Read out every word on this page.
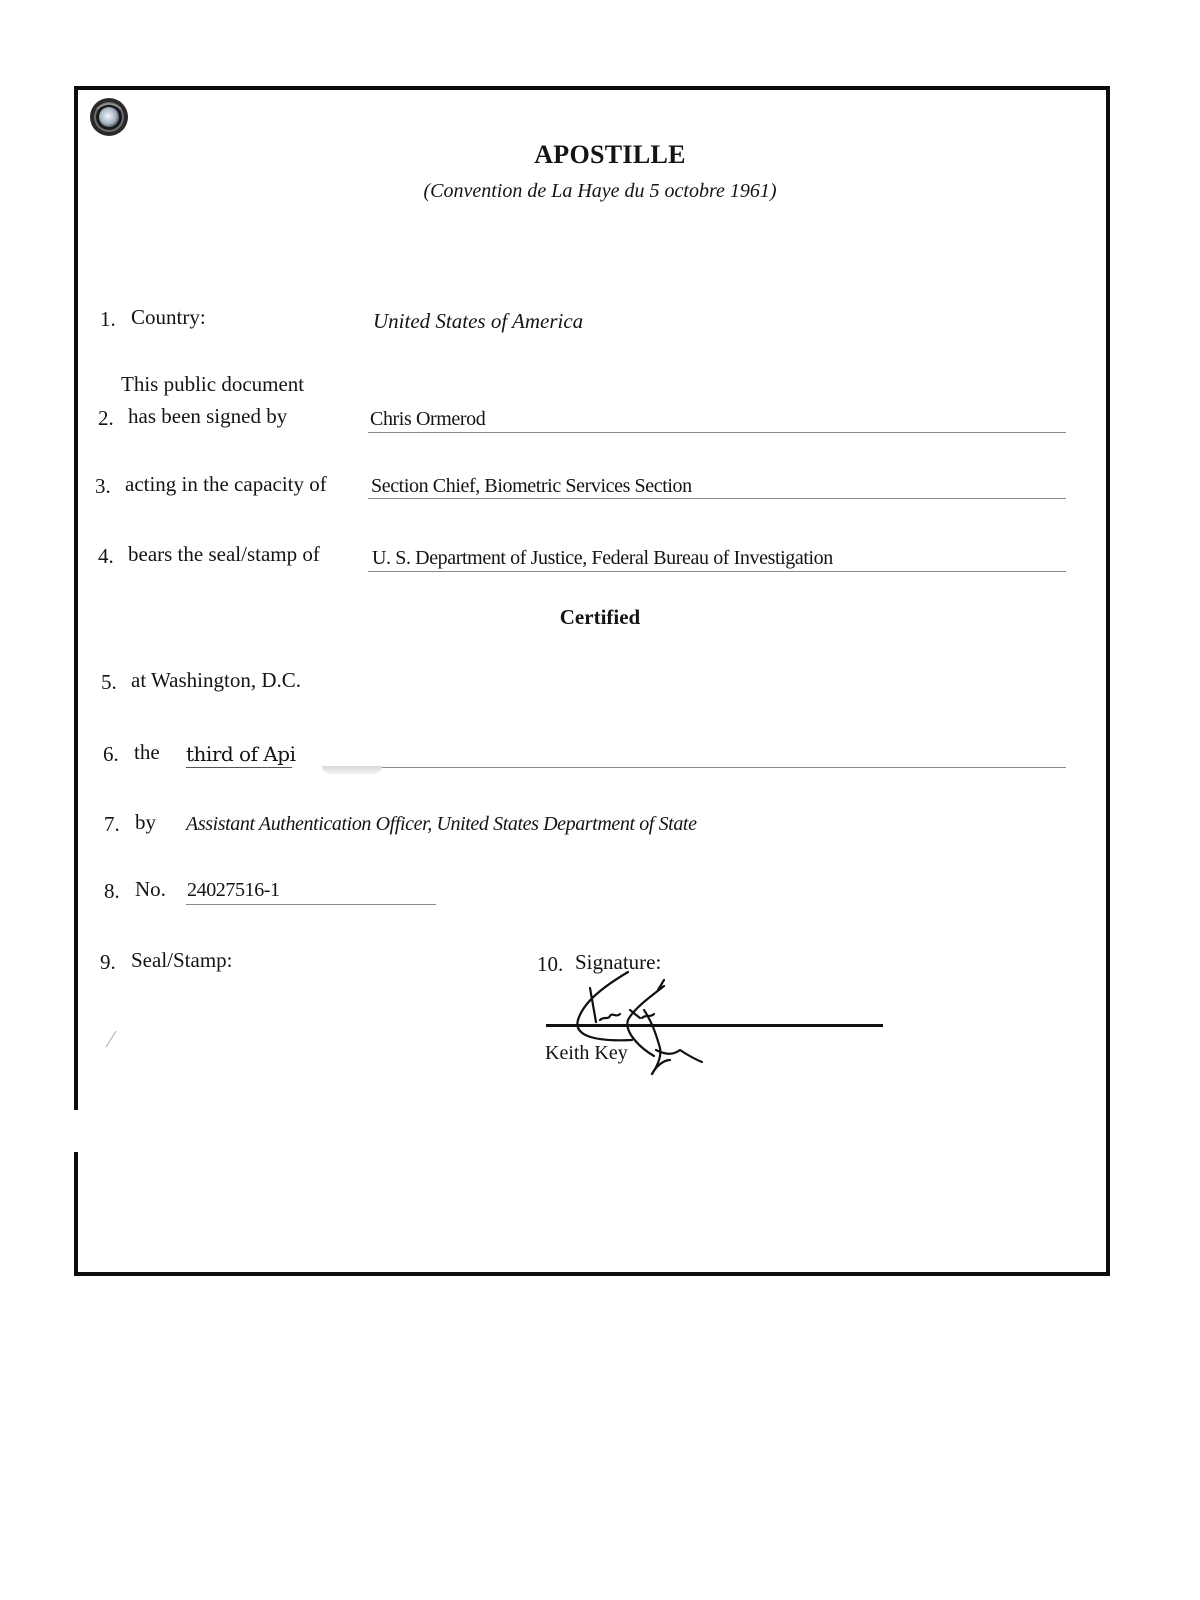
APOSTILLE
(Convention de La Haye du 5 octobre 1961)
1. Country:	United States of America
This public document
2. has been signed by	Chris Ormerod
3. acting in the capacity of Section Chief, Biometric Services Section
4. bears the seal/stamp of	U. S. Department of Justice, Federal Bureau of Investigation
Certified
5. at Washington, D.C.
6. the third of Api
7. by Assistant Authentication Officer, United States Department of State
8. No. 24027516-1
9. Seal/Stamp:	10. Signature:
Keith Key
